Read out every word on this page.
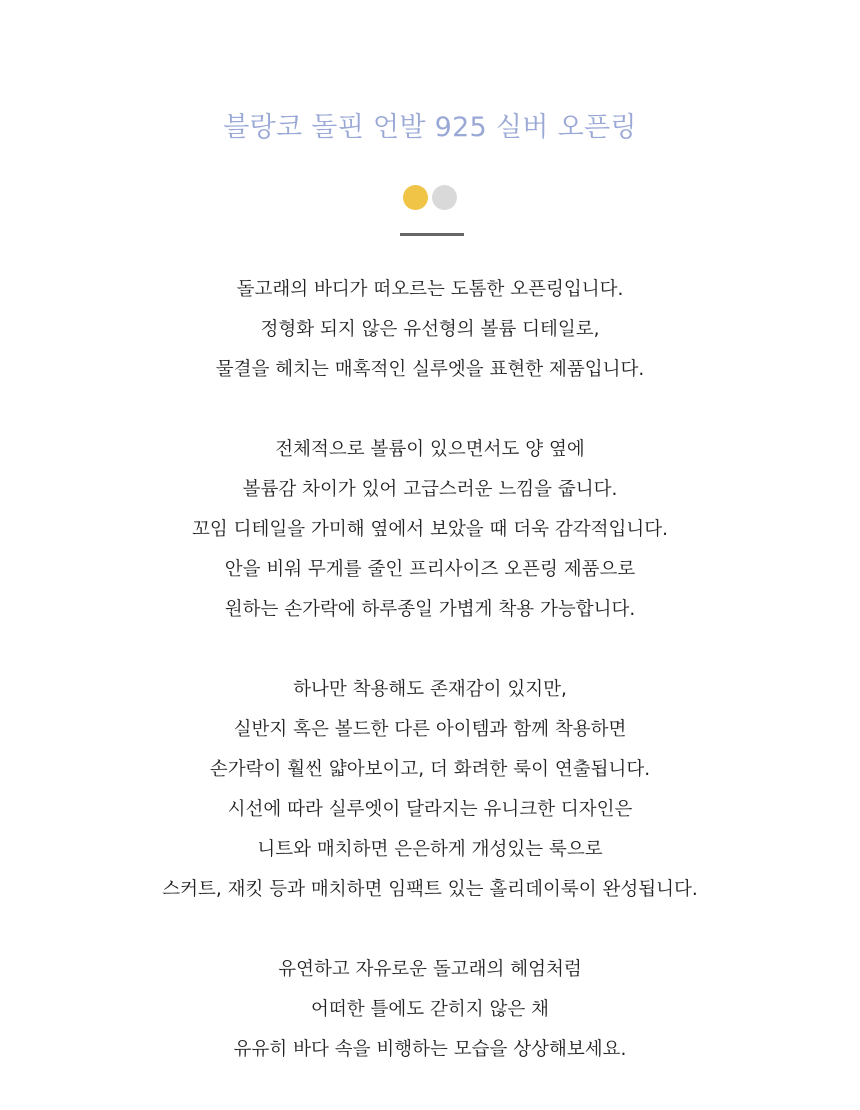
블랑코 돌핀 언발 925 실버 오픈링
돌고래의 바디가 떠오르는 도톰한 오픈링입니다.
정형화 되지 않은 유선형의 볼륨 디테일로,
물결을 헤치는 매혹적인 실루엣을 표현한 제품입니다.
전체적으로 볼륨이 있으면서도 양 옆에
볼륨감 차이가 있어 고급스러운 느낌을 줍니다.
꼬임 디테일을 가미해 옆에서 보았을 때 더욱 감각적입니다.
안을 비워 무게를 줄인 프리사이즈 오픈링 제품으로
원하는 손가락에 하루종일 가볍게 착용 가능합니다.
하나만 착용해도 존재감이 있지만,
실반지 혹은 볼드한 다른 아이템과 함께 착용하면
손가락이 훨씬 얇아보이고, 더 화려한 룩이 연출됩니다.
시선에 따라 실루엣이 달라지는 유니크한 디자인은
니트와 매치하면 은은하게 개성있는 룩으로
스커트, 재킷 등과 매치하면 임팩트 있는 홀리데이룩이 완성됩니다.
유연하고 자유로운 돌고래의 헤엄처럼
어떠한 틀에도 갇히지 않은 채
유유히 바다 속을 비행하는 모습을 상상해보세요.
